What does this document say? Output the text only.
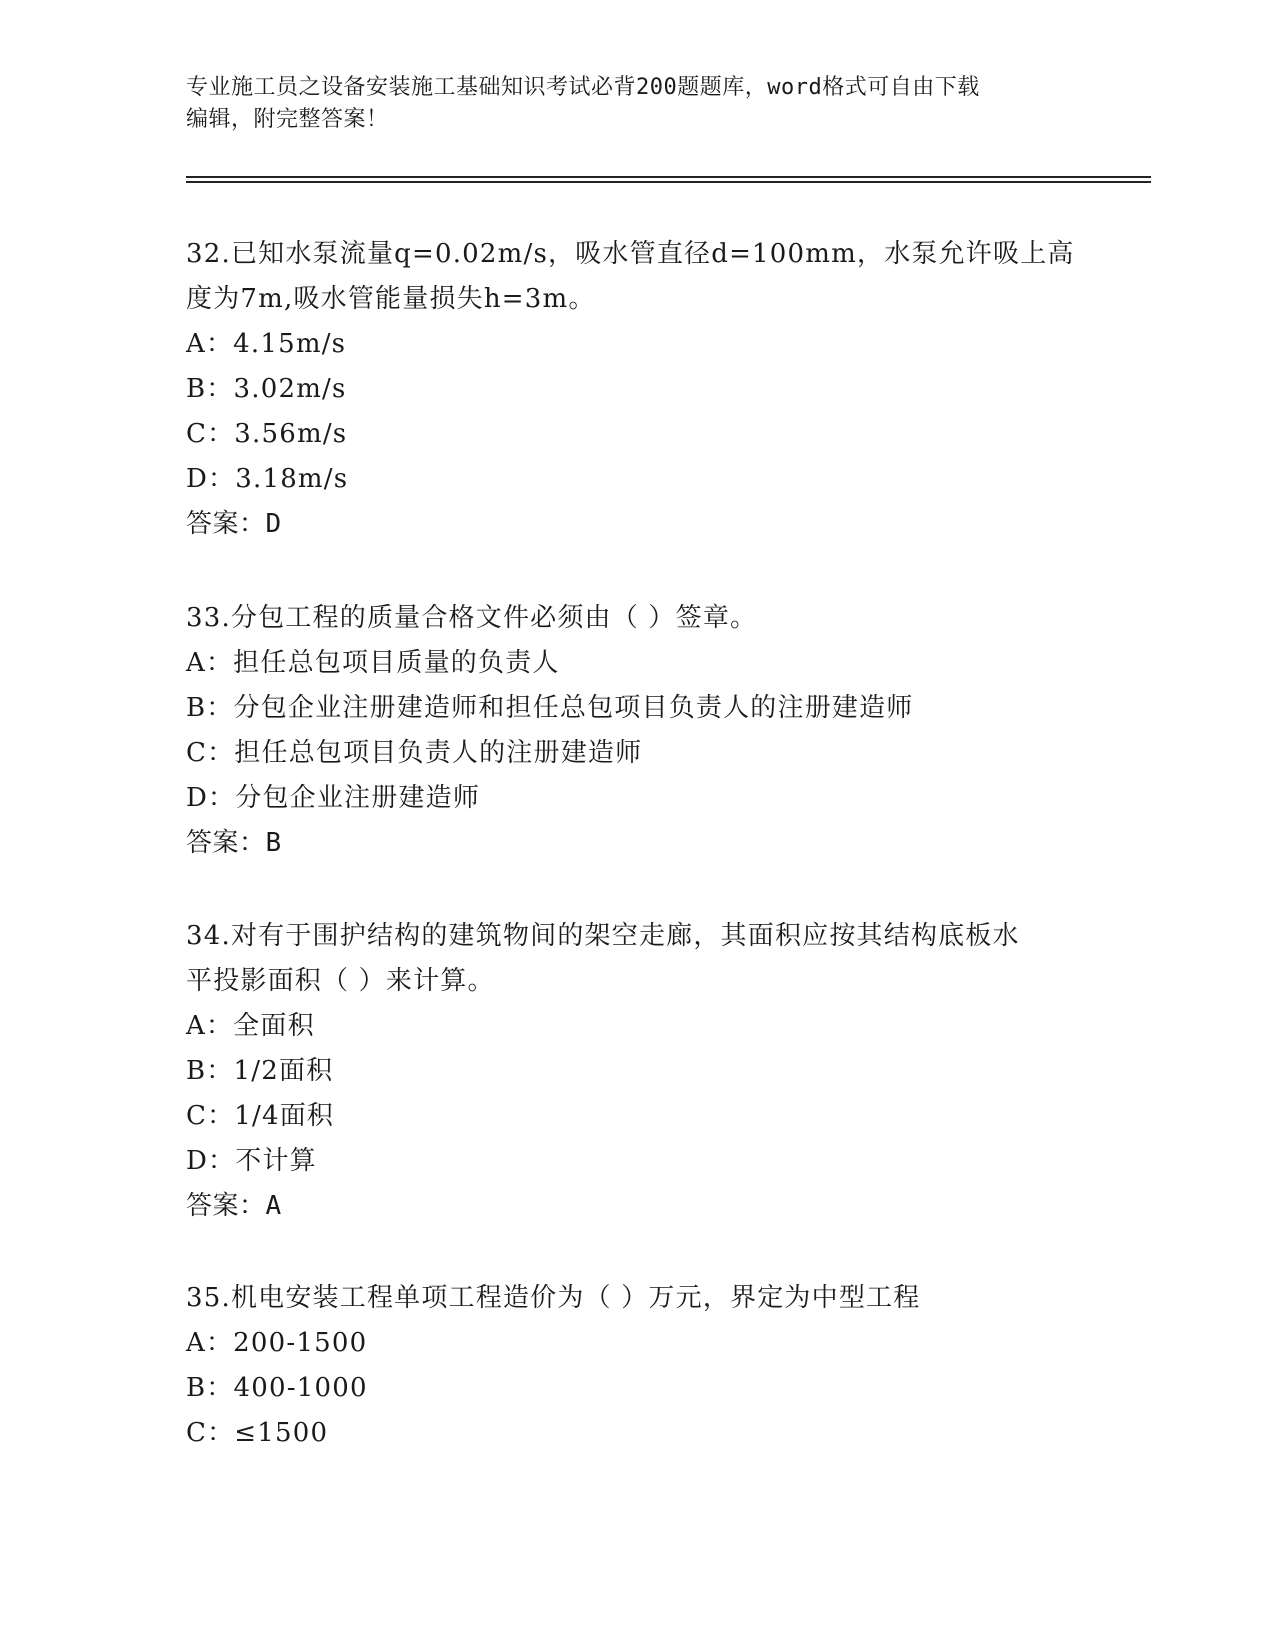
专业施工员之设备安装施工基础知识考试必背200题题库，word格式可自由下载
编辑，附完整答案！
32.已知水泵流量q=0.02m/s，吸水管直径d=100mm，水泵允许吸上高
度为7m,吸水管能量损失h=3m。
A：4.15m/s
B：3.02m/s
C：3.56m/s
D：3.18m/s
答案：D
33.分包工程的质量合格文件必须由（ ）签章。
A：担任总包项目质量的负责人
B：分包企业注册建造师和担任总包项目负责人的注册建造师
C：担任总包项目负责人的注册建造师
D：分包企业注册建造师
答案：B
34.对有于围护结构的建筑物间的架空走廊，其面积应按其结构底板水
平投影面积（ ）来计算。
A：全面积
B：1/2面积
C：1/4面积
D：不计算
答案：A
35.机电安装工程单项工程造价为（ ）万元，界定为中型工程
A：200-1500
B：400-1000
C：≤1500
